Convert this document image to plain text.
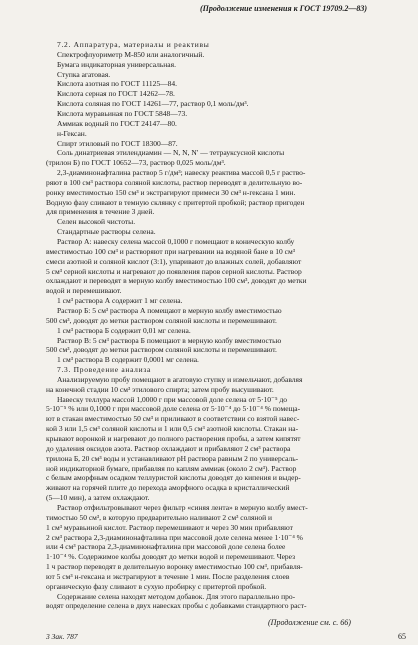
(Продолжение изменения к ГОСТ 19709.2—83)
7.2. Аппаратура, материалы и реактивы
Спектрофлуориметр М-850 или аналогичный.
Бумага индикаторная универсальная.
Ступка агатовая.
Кислота азотная по ГОСТ 11125—84.
Кислота серная по ГОСТ 14262—78.
Кислота соляная по ГОСТ 14261—77, раствор 0,1 моль/дм³.
Кислота муравьиная по ГОСТ 5848—73.
Аммиак водный по ГОСТ 24147—80.
н-Гексан.
Спирт этиловый по ГОСТ 18300—87.
Соль динатриевая этилендиамин — N, N, N′ — тетрауксусной кислоты
(трилон Б) по ГОСТ 10652—73, раствор 0,025 моль/дм³.
2,3-диаминонафталина раствор 5 г/дм³; навеску реактива массой 0,5 г раство-
ряют в 100 см³ раствора соляной кислоты, раствор переводят в делительную во-
ронку вместимостью 150 см³ и экстрагируют примеси 30 см³ н-гексана 1 мин.
Водную фазу сливают в темную склянку с притертой пробкой; раствор пригоден
для применения в течение 3 дней.
Селен высокой чистоты.
Стандартные растворы селена.
Раствор А: навеску селена массой 0,1000 г помещают в коническую колбу
вместимостью 100 см³ и растворяют при нагревании на водяной бане в 10 см³
смеси азотной и соляной кислот (3:1), упаривают до влажных солей, добавляют
5 см³ серной кислоты и нагревают до появления паров серной кислоты. Раствор
охлаждают и переводят в мерную колбу вместимостью 100 см³, доводят до метки
водой и перемешивают.
1 см³ раствора А содержит 1 мг селена.
Раствор Б: 5 см³ раствора А помещают в мерную колбу вместимостью
500 см³, доводят до метки раствором соляной кислоты и перемешивают.
1 см³ раствора Б содержит 0,01 мг селена.
Раствор В: 5 см³ раствора Б помещают в мерную колбу вместимостью
500 см³, доводят до метки раствором соляной кислоты и перемешивают.
1 см³ раствора В содержит 0,0001 мг селена.
7.3. Проведение анализа
Анализируемую пробу помещают в агатовую ступку и измельчают, добавляя
на конечной стадии 10 см³ этилового спирта; затем пробу высушивают.
Навеску теллура массой 1,0000 г при массовой доле селена от 5·10⁻⁵ до
5·10⁻⁵ % или 0,1000 г при массовой доле селена от 5·10⁻⁴ до 5·10⁻⁴ % помеща-
ют в стакан вместимостью 50 см³ и приливают в соответствии со взятой навес-
кой 3 или 1,5 см³ соляной кислоты и 1 или 0,5 см³ азотной кислоты. Стакан на-
крывают воронкой и нагревают до полного растворения пробы, а затем кипятят
до удаления оксидов азота. Раствор охлаждают и прибавляют 2 см³ раствора
трилона Б, 20 см³ воды и устанавливают pH раствора равным 2 по универсаль-
ной индикаторной бумаге, прибавляя по каплям аммиак (около 2 см³). Раствор
с белым аморфным осадком теллуристой кислоты доводят до кипения и выдер-
живают на горячей плите до перехода аморфного осадка в кристаллический
(5—10 мин), а затем охлаждают.
Раствор отфильтровывают через фильтр «синяя лента» в мерную колбу вмест-
тимостью 50 см³, в которую предварительно наливают 2 см³ соляной и
1 см³ муравьиной кислот. Раствор перемешивают и через 30 мин прибавляют
2 см³ раствора 2,3-диаминонафталина при массовой доле селена менее 1·10⁻⁴ %
или 4 см³ раствора 2,3-диаминонафталина при массовой доле селена более
1·10⁻⁴ %. Содержимое колбы доводят до метки водой и перемешивают. Через
1 ч раствор переводят в делительную воронку вместимостью 100 см³, прибавля-
ют 5 см³ н-гексана и экстрагируют в течение 1 мин. После разделения слоев
органическую фазу сливают в сухую пробирку с притертой пробкой.
Содержание селена находят методом добавок. Для этого параллельно про-
водят определение селена в двух навесках пробы с добавками стандартного раст-
(Продолжение см. с. 66)
3 Зак. 787	65
